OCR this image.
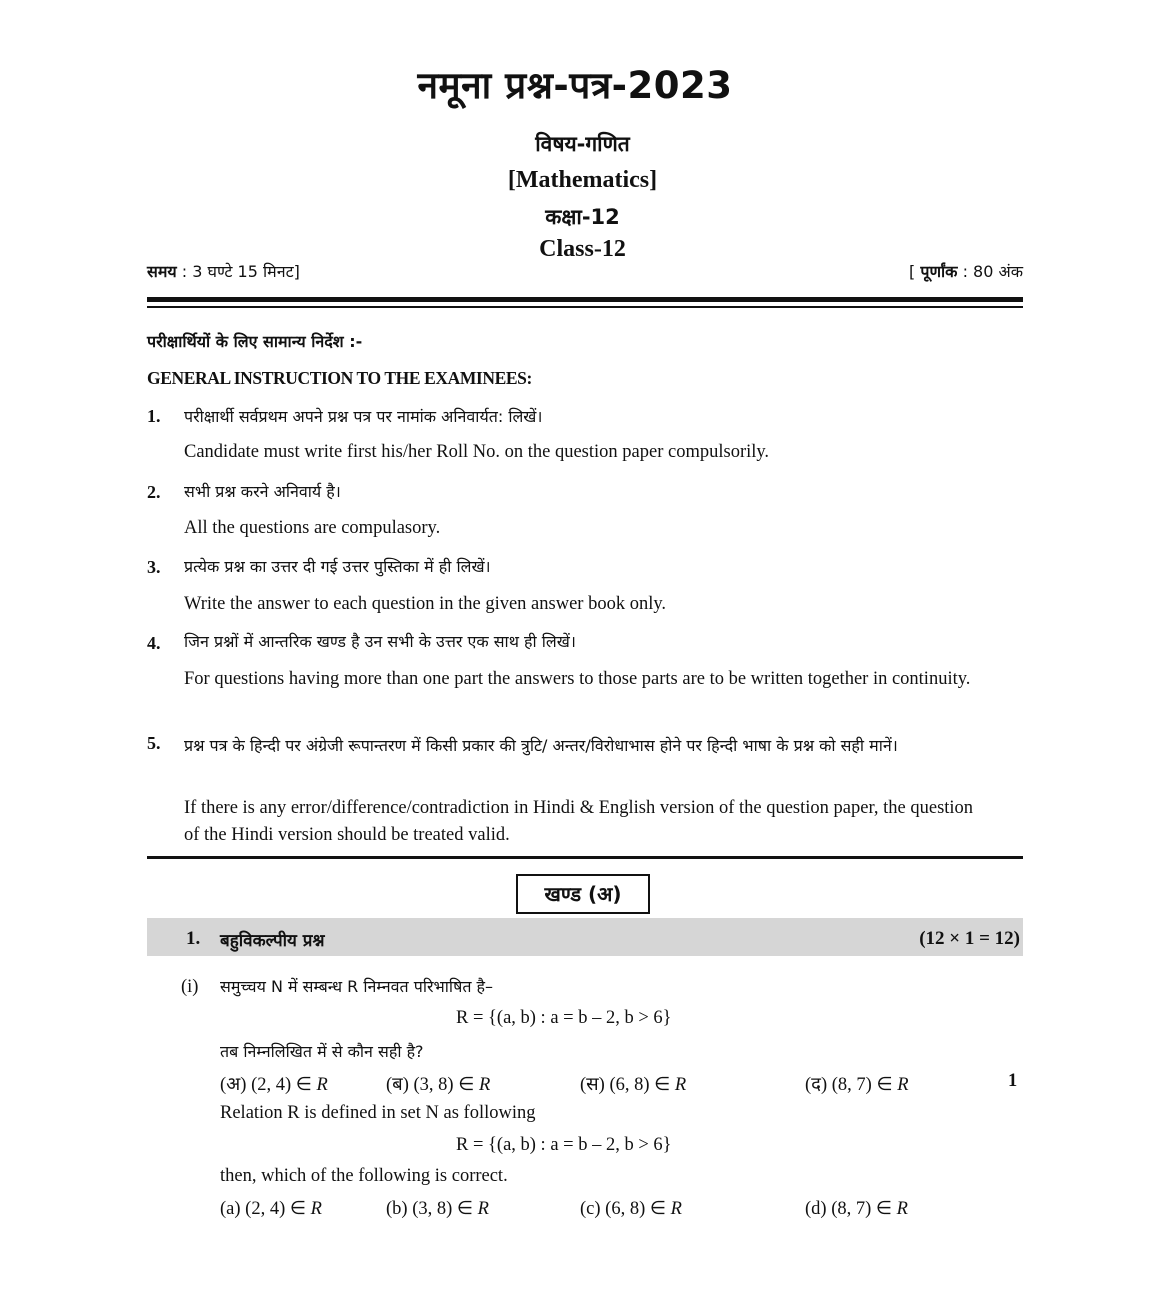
नमूना प्रश्न-पत्र-2023
विषय-गणित
[Mathematics]
कक्षा-12
Class-12
समय : 3 घण्टे 15 मिनट]	[ पूर्णांक : 80 अंक
परीक्षार्थियों के लिए सामान्य निर्देश :-
GENERAL INSTRUCTION TO THE EXAMINEES:
1. परीक्षार्थी सर्वप्रथम अपने प्रश्न पत्र पर नामांक अनिवार्यत: लिखें।
Candidate must write first his/her Roll No. on the question paper compulsorily.
2. सभी प्रश्न करने अनिवार्य है।
All the questions are compulasory.
3. प्रत्येक प्रश्न का उत्तर दी गई उत्तर पुस्तिका में ही लिखें।
Write the answer to each question in the given answer book only.
4. जिन प्रश्नों में आन्तरिक खण्ड है उन सभी के उत्तर एक साथ ही लिखें।
For questions having more than one part the answers to those parts are to be written together in continuity.
5. प्रश्न पत्र के हिन्दी पर अंग्रेजी रूपान्तरण में किसी प्रकार की त्रुटि/ अन्तर/विरोधाभास होने पर हिन्दी भाषा के प्रश्न को सही मानें।
If there is any error/difference/contradiction in Hindi & English version of the question paper, the question of the Hindi version should be treated valid.
खण्ड (अ)
1. बहुविकल्पीय प्रश्न	(12 × 1 = 12)
(i) समुच्चय N में सम्बन्ध R निम्नवत परिभाषित है–
R = {(a, b) : a = b – 2, b > 6}
तब निम्नलिखित में से कौन सही है?
(अ) (2, 4) ∈ R	(ब) (3, 8) ∈ R	(स) (6, 8) ∈ R	(द) (8, 7) ∈ R	1
Relation R is defined in set N as following
R = {(a, b) : a = b – 2, b > 6}
then, which of the following is correct.
(a) (2, 4) ∈ R	(b) (3, 8) ∈ R	(c) (6, 8) ∈ R	(d) (8, 7) ∈ R
